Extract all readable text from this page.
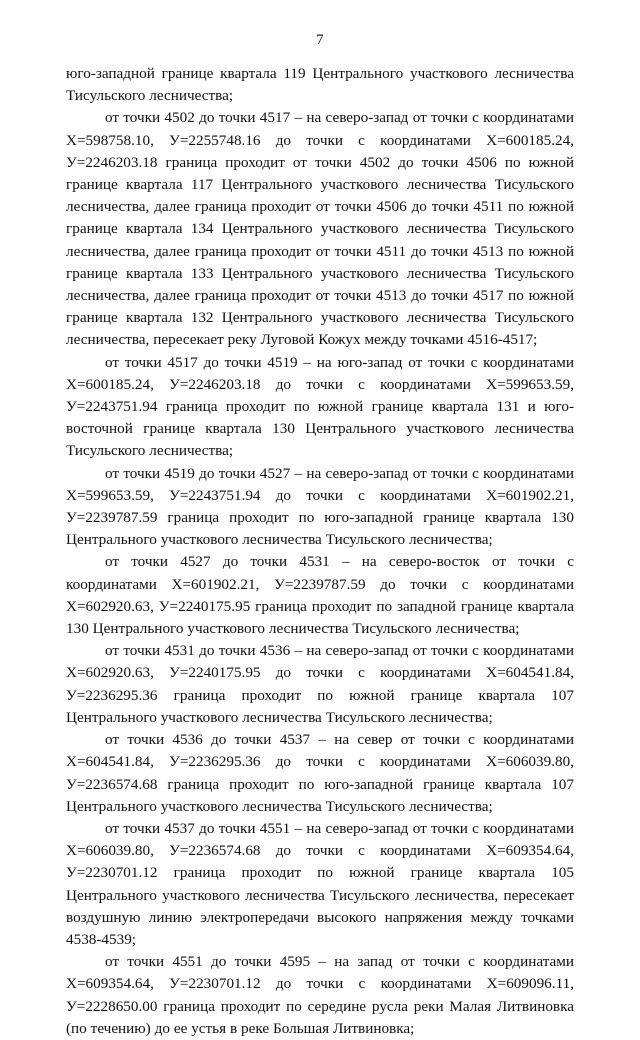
7

юго-западной границе квартала 119 Центрального участкового лесничества Тисульского лесничества;

от точки 4502 до точки 4517 – на северо-запад от точки с координатами Х=598758.10, У=2255748.16 до точки с координатами Х=600185.24, У=2246203.18 граница проходит от точки 4502 до точки 4506 по южной границе квартала 117 Центрального участкового лесничества Тисульского лесничества, далее граница проходит от точки 4506 до точки 4511 по южной границе квартала 134 Центрального участкового лесничества Тисульского лесничества, далее граница проходит от точки 4511 до точки 4513 по южной границе квартала 133 Центрального участкового лесничества Тисульского лесничества, далее граница проходит от точки 4513 до точки 4517 по южной границе квартала 132 Центрального участкового лесничества Тисульского лесничества, пересекает реку Луговой Кожух между точками 4516-4517;

от точки 4517 до точки 4519 – на юго-запад от точки с координатами Х=600185.24, У=2246203.18 до точки с координатами Х=599653.59, У=2243751.94 граница проходит по южной границе квартала 131 и юго-восточной границе квартала 130 Центрального участкового лесничества Тисульского лесничества;

от точки 4519 до точки 4527 – на северо-запад от точки с координатами Х=599653.59, У=2243751.94 до точки с координатами Х=601902.21, У=2239787.59 граница проходит по юго-западной границе квартала 130 Центрального участкового лесничества Тисульского лесничества;

от точки 4527 до точки 4531 – на северо-восток от точки с координатами Х=601902.21, У=2239787.59 до точки с координатами Х=602920.63, У=2240175.95 граница проходит по западной границе квартала 130 Центрального участкового лесничества Тисульского лесничества;

от точки 4531 до точки 4536 – на северо-запад от точки с координатами Х=602920.63, У=2240175.95 до точки с координатами Х=604541.84, У=2236295.36 граница проходит по южной границе квартала 107 Центрального участкового лесничества Тисульского лесничества;

от точки 4536 до точки 4537 – на север от точки с координатами Х=604541.84, У=2236295.36 до точки с координатами Х=606039.80, У=2236574.68 граница проходит по юго-западной границе квартала 107 Центрального участкового лесничества Тисульского лесничества;

от точки 4537 до точки 4551 – на северо-запад от точки с координатами Х=606039.80, У=2236574.68 до точки с координатами Х=609354.64, У=2230701.12 граница проходит по южной границе квартала 105 Центрального участкового лесничества Тисульского лесничества, пересекает воздушную линию электропередачи высокого напряжения между точками 4538-4539;

от точки 4551 до точки 4595 – на запад от точки с координатами Х=609354.64, У=2230701.12 до точки с координатами Х=609096.11, У=2228650.00 граница проходит по середине русла реки Малая Литвиновка (по течению) до ее устья в реке Большая Литвиновка;
